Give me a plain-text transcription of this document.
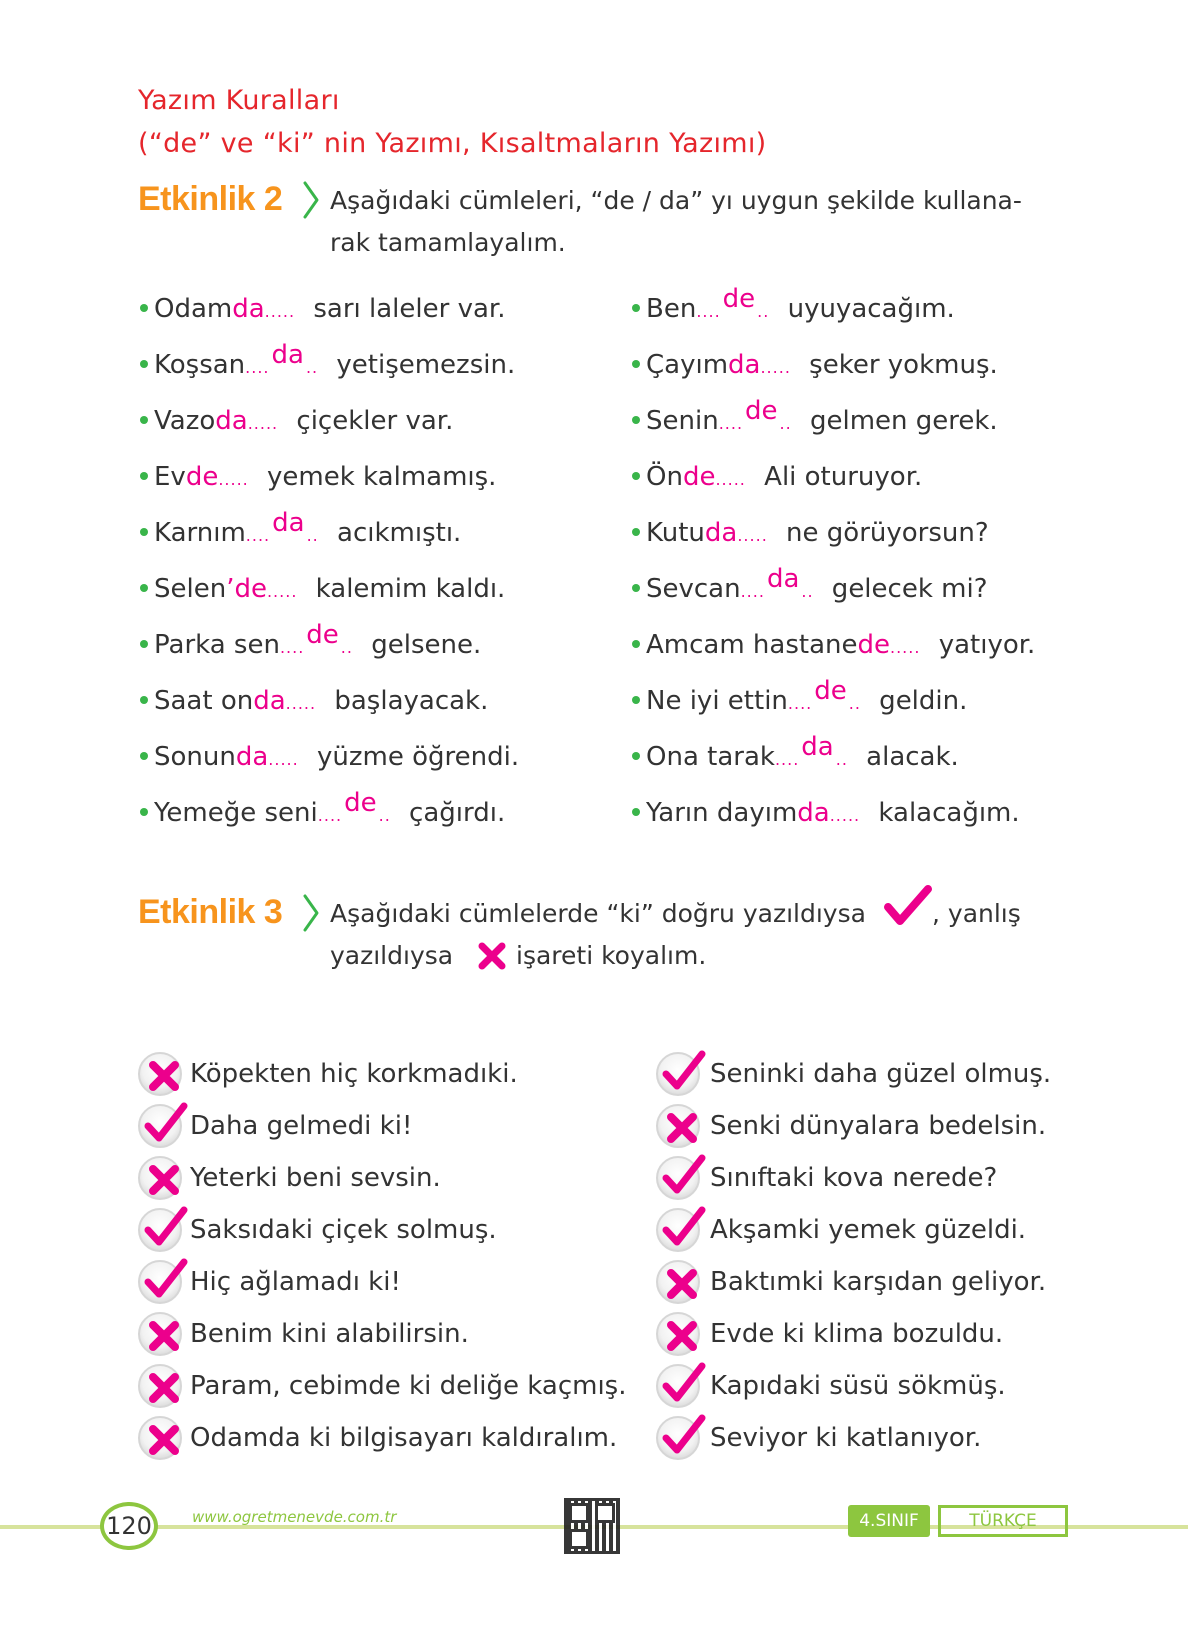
Yazım Kuralları
(“de” ve “ki” nin Yazımı, Kısaltmaların Yazımı)
Etkinlik 2 Aşağıdaki cümleleri, “de / da” yı uygun şekilde kullana-
rak tamamlayalım.
Odamda..... sarı laleler var.
Koşsan....da .. yetişemezsin.
Vazoda..... çiçekler var.
Evde..... yemek kalmamış.
Karnım....da .. acıkmıştı.
Selen’de..... kalemim kaldı.
Parka sen....de .. gelsene.
Saat onda..... başlayacak.
Sonunda..... yüzme öğrendi.
Yemeğe seni....de .. çağırdı.
Ben....de .. uyuyacağım.
Çayımda..... şeker yokmuş.
Senin....de .. gelmen gerek.
Önde..... Ali oturuyor.
Kutuda..... ne görüyorsun?
Sevcan....da .. gelecek mi?
Amcam hastanede..... yatıyor.
Ne iyi ettin....de .. geldin.
Ona tarak....da .. alacak.
Yarın dayımda..... kalacağım.
Etkinlik 3 Aşağıdaki cümlelerde “ki” doğru yazıldıysa	, yanlış
yazıldıysa	işareti koyalım.
Köpekten hiç korkmadıki.
Daha gelmedi ki!
Yeterki beni sevsin.
Saksıdaki çiçek solmuş.
Hiç ağlamadı ki!
Benim kini alabilirsin.
Param, cebimde ki deliğe kaçmış.
Odamda ki bilgisayarı kaldıralım.
Seninki daha güzel olmuş.
Senki dünyalara bedelsin.
Sınıftaki kova nerede?
Akşamki yemek güzeldi.
Baktımki karşıdan geliyor.
Evde ki klima bozuldu.
Kapıdaki süsü sökmüş.
Seviyor ki katlanıyor.
120	www.ogretmenevde.com.tr	4.SINIF	TÜRKÇE
